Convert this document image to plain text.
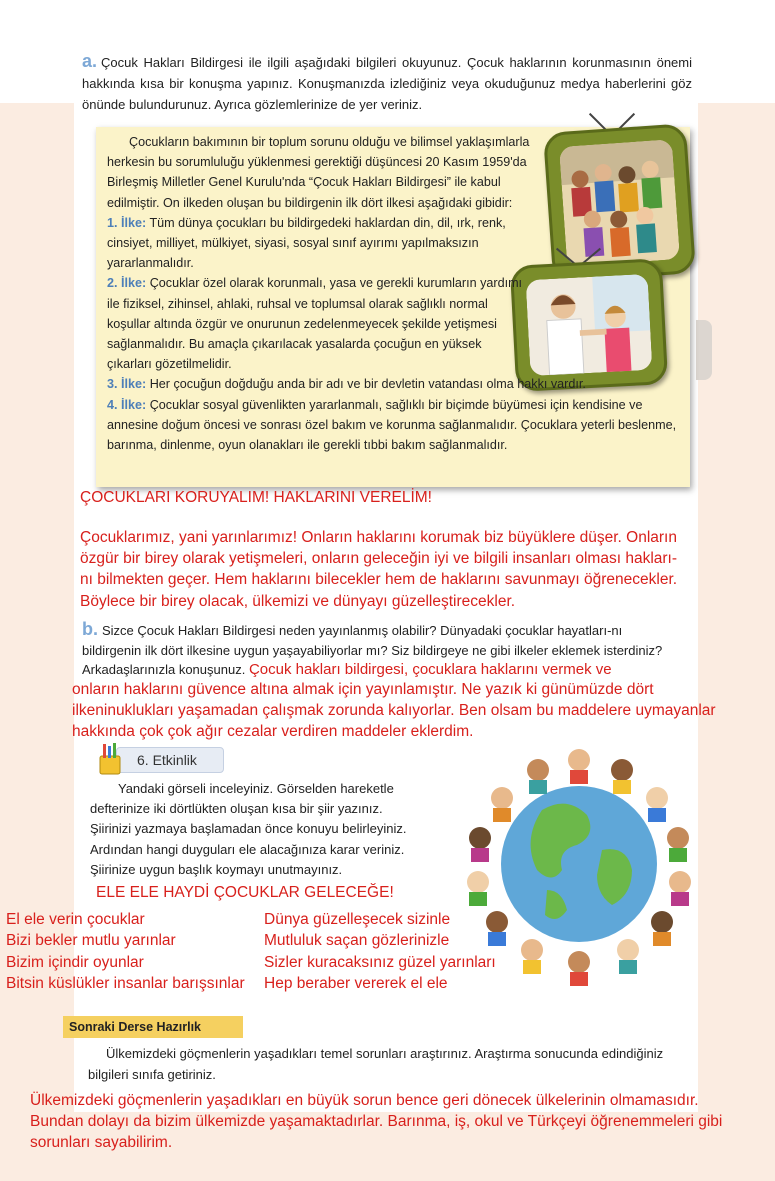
a. Çocuk Hakları Bildirgesi ile ilgili aşağıdaki bilgileri okuyunuz. Çocuk haklarının korunmasının önemi hakkında kısa bir konuşma yapınız. Konuşmanızda izlediğiniz veya okuduğunuz medya haberlerini göz önünde bulundurunuz. Ayrıca gözlemlerinize de yer veriniz.
Çocukların bakımının bir toplum sorunu olduğu ve bilimsel yaklaşımlarla herkesin bu sorumluluğu yüklenmesi gerektiği düşüncesi 20 Kasım 1959'da Birleşmiş Milletler Genel Kurulu'nda “Çocuk Hakları Bildirgesi” ile kabul edilmiştir. On ilkeden oluşan bu bildirgenin ilk dört ilkesi aşağıdaki gibidir:
1. İlke: Tüm dünya çocukları bu bildirgedeki haklardan din, dil, ırk, renk, cinsiyet, milliyet, mülkiyet, siyasi, sosyal sınıf ayırımı yapılmaksızın yararlanmalıdır.
2. İlke: Çocuklar özel olarak korunmalı, yasa ve gerekli kurumların yardımı ile fiziksel, zihinsel, ahlaki, ruhsal ve toplumsal olarak sağlıklı normal koşullar altında özgür ve onurunun zedelenmeyecek şekilde yetişmesi sağlanmalıdır. Bu amaçla çıkarılacak yasalarda çocuğun en yüksek çıkarları gözetilmelidir.
3. İlke: Her çocuğun doğduğu anda bir adı ve bir devletin vatandası olma hakkı vardır.
4. İlke: Çocuklar sosyal güvenlikten yararlanmalı, sağlıklı bir biçimde büyümesi için kendisine ve annesine doğum öncesi ve sonrası özel bakım ve korunma sağlanmalıdır. Çocuklara yeterli beslenme, barınma, dinlenme, oyun olanakları ile gerekli tıbbi bakım sağlanmalıdır.
ÇOCUKLARI KORUYALIM! HAKLARINI VERELİM!
Çocuklarımız, yani yarınlarımız! Onların haklarını korumak biz büyüklere düşer. Onların
özgür bir birey olarak yetişmeleri, onların geleceğin iyi ve bilgili insanları olması hakları-
nı bilmekten geçer. Hem haklarını bilecekler hem de haklarını savunmayı öğrenecekler.
Böylece bir birey olacak, ülkemizi ve dünyayı güzelleştirecekler.
b. Sizce Çocuk Hakları Bildirgesi neden yayınlanmış olabilir? Dünyadaki çocuklar hayatları-nı bildirgenin ilk dört ilkesine uygun yaşayabiliyorlar mı? Siz bildirgeye ne gibi ilkeler eklemek isterdiniz? Arkadaşlarınızla konuşunuz. Çocuk hakları bildirgesi, çocuklara haklarını vermek ve
onların haklarını güvence altına almak için yayınlamıştır. Ne yazık ki günümüzde dört
ilkeninuklukları yaşamadan çalışmak zorunda kalıyorlar. Ben olsam bu maddelere uymayanlar
hakkında çok çok ağır cezalar verdiren maddeler eklerdim.
6. Etkinlik
Yandaki görseli inceleyiniz. Görselden hareketle
defterinize iki dörtlükten oluşan kısa bir şiir yazınız.
Şiirinizi yazmaya başlamadan önce konuyu belirleyiniz.
Ardından hangi duyguları ele alacağınıza karar veriniz.
Şiirinize uygun başlık koymayı unutmayınız.
ELE ELE HAYDİ ÇOCUKLAR GELECEĞE!
El ele verin çocuklar
Bizi bekler mutlu yarınlar
Bizim içindir oyunlar
Bitsin küslükler insanlar barışsınlar
Dünya güzelleşecek sizinle
Mutluluk saçan gözlerinizle
Sizler kuracaksınız güzel yarınları
Hep beraber vererek el ele
Sonraki Derse Hazırlık
Ülkemizdeki göçmenlerin yaşadıkları temel sorunları araştırınız. Araştırma sonucunda edindiğiniz bilgileri sınıfa getiriniz.
Ülkemizdeki göçmenlerin yaşadıkları en büyük sorun bence geri dönecek ülkelerinin olmamasıdır.
Bundan dolayı da bizim ülkemizde yaşamaktadırlar. Barınma, iş, okul ve Türkçeyi öğrenemmeleri gibi
sorunları sayabilirim.
